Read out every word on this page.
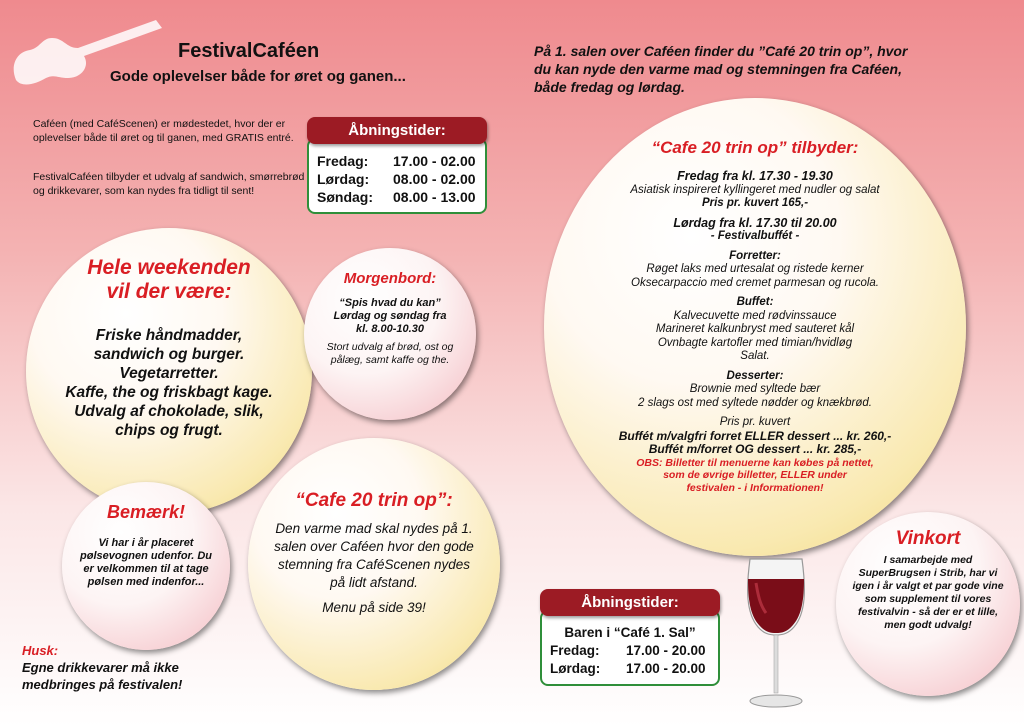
FestivalCaféen
Gode oplevelser både for øret og ganen...
Caféen (med CaféScenen) er mødestedet, hvor der er oplevelser både til øret og til ganen, med GRATIS entré.
FestivalCaféen tilbyder et udvalg af sandwich, smørrebrød og drikkevarer, som kan nydes fra tidligt til sent!
Åbningstider:
Fredag:	17.00 - 02.00
Lørdag:	08.00 - 02.00
Søndag:	08.00 - 13.00
Hele weekenden
vil der være:
Friske håndmadder,
sandwich og burger.
Vegetarretter.
Kaffe, the og friskbagt kage.
Udvalg af chokolade, slik,
chips og frugt.
Morgenbord:
“Spis hvad du kan”
Lørdag og søndag fra
kl. 8.00-10.30
Stort udvalg af brød, ost og pålæg, samt kaffe og the.
Bemærk!
Vi har i år placeret pølsevognen udenfor. Du er velkommen til at tage pølsen med indenfor...
“Cafe 20 trin op”:
Den varme mad skal nydes på 1. salen over Caféen hvor den gode stemning fra CaféScenen nydes på lidt afstand.
Menu på side 39!
Husk:
Egne drikkevarer må ikke
medbringes på festivalen!
På 1. salen over Caféen finder du ”Café 20 trin op”, hvor
du kan nyde den varme mad og stemningen fra Caféen,
både fredag og lørdag.
“Cafe 20 trin op” tilbyder:
Fredag fra kl. 17.30 - 19.30
Asiatisk inspireret kyllingeret med nudler og salat
Pris pr. kuvert 165,-
Lørdag fra kl. 17.30 til 20.00
- Festivalbuffét -
Forretter:
Røget laks med urtesalat og ristede kerner
Oksecarpaccio med cremet parmesan og rucola.
Buffet:
Kalvecuvette med rødvinssauce
Marineret kalkunbryst med sauteret kål
Ovnbagte kartofler med timian/hvidløg
Salat.
Desserter:
Brownie med syltede bær
2 slags ost med syltede nødder og knækbrød.
Pris pr. kuvert
Buffét m/valgfri forret ELLER dessert ... kr. 260,-
Buffét m/forret OG dessert ... kr. 285,-
OBS: Billetter til menuerne kan købes på nettet,
som de øvrige billetter, ELLER under
festivalen - i Informationen!
Åbningstider:
Baren i “Café 1. Sal”
Fredag:	17.00 - 20.00
Lørdag:	17.00 - 20.00
Vinkort
I samarbejde med SuperBrugsen i Strib, har vi igen i år valgt et par gode vine som supplement til vores festivalvin - så der er et lille, men godt udvalg!
